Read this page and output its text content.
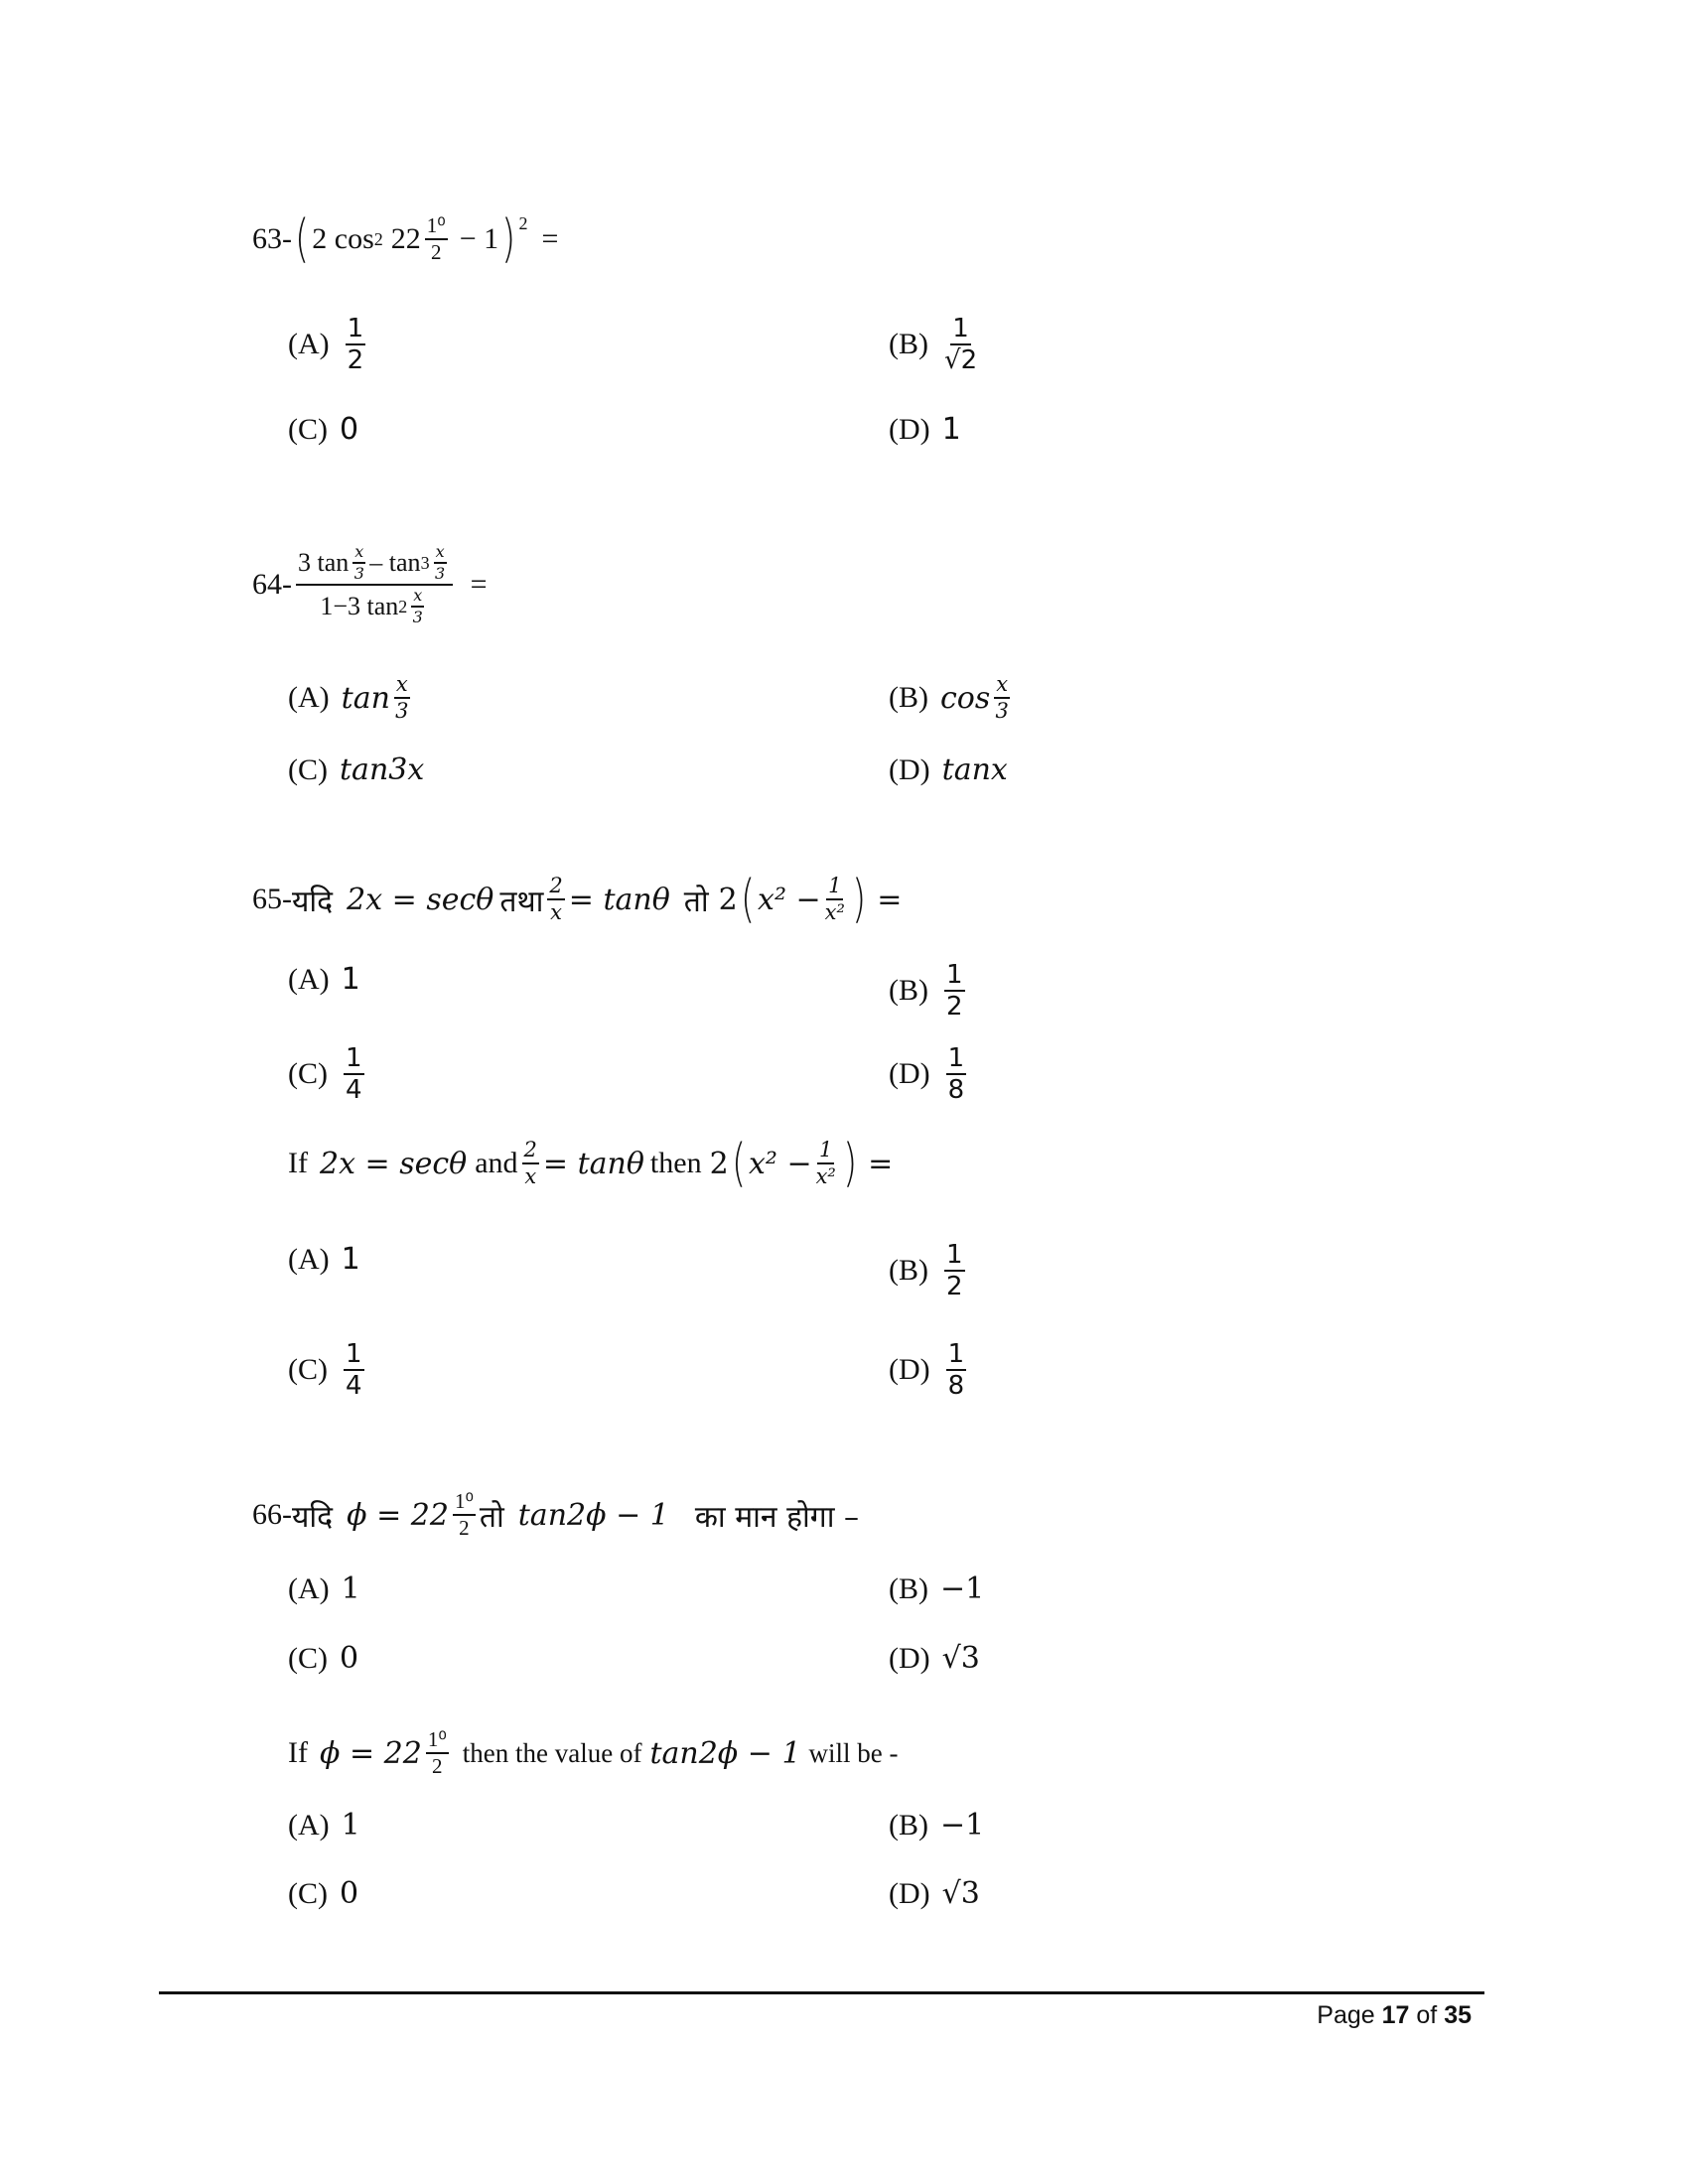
63- ( 2 cos 2 $22 \frac{\text{1⁰}}{2} - 1$ )$^2$ =
$(A) \frac{1}{2}$	$(B) \frac{1}{√2}$
(C) 0	(D) 1
$64- \frac{3 \tan \frac{x}{3} - \tan 3 \frac{x}{3}}{1-3 \tan 2 \frac{x}{3}}$ =
(A) $\tan \frac{x}{3}$	(B) $\cos \frac{x}{3}$
(C) tan3x	(D) tanx
65- यदि 2x = secθ तथा $\frac{2}{x} = \tan\theta$ तो 2 ( $x^2 - \frac{1}{\text{x²}}$ ) =
(A) 1	$(B) \frac{1}{2}$
$(C) \frac{1}{4}$	$(D) \frac{1}{8}$
If 2x = secθ and $\frac{2}{x} = \tan\theta$ then 2 ( $x^2 - \frac{1}{\text{x²}}$ ) =
(A) 1	$(B) \frac{1}{2}$
$(C) \frac{1}{4}$	$(D) \frac{1}{8}$
66- यदि $\phi = 22 \frac{\text{1⁰}}{2}$ तो tan2ϕ − 1 का मान होगा –
(A) 1	(B) −1
(C) 0	(D) √3
If $\phi = 22 \frac{\text{1⁰}}{2}$ then the value of tan2ϕ − 1 will be -
(A) 1	(B) −1
(C) 0	(D) √3
Page 17 of 35
